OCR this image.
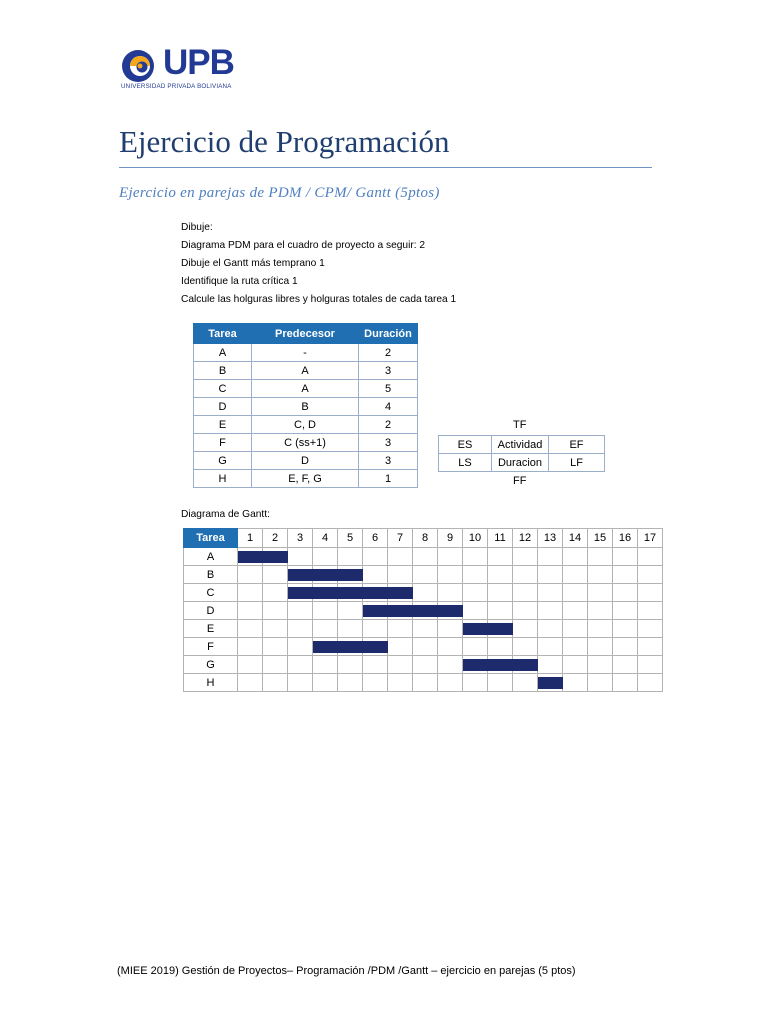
UPB
UNIVERSIDAD PRIVADA BOLIVIANA
Ejercicio de Programación
Ejercicio en parejas de PDM / CPM/ Gantt (5ptos)
Dibuje:
Diagrama PDM para el cuadro de proyecto a seguir: 2
Dibuje el Gantt más temprano 1
Identifique la ruta crítica 1
Calcule las holguras libres y holguras totales de cada tarea 1
Tarea	Predecesor	Duración
A	-	2
B	A	3
C	A	5
D	B	4
E	C, D	2
F	C (ss+1)	3
G	D	3
H	E, F, G	1
TF
ES	Actividad	EF
LS	Duracion	LF
FF
Diagrama de Gantt:
Tarea	1	2	3	4	5	6	7	8	9	10	11	12	13	14	15	16	17
A																	
B																	
C																	
D																	
E																	
F																	
G																	
H																	
(MIEE 2019) Gestión de Proyectos– Programación /PDM /Gantt – ejercicio en parejas (5 ptos)
